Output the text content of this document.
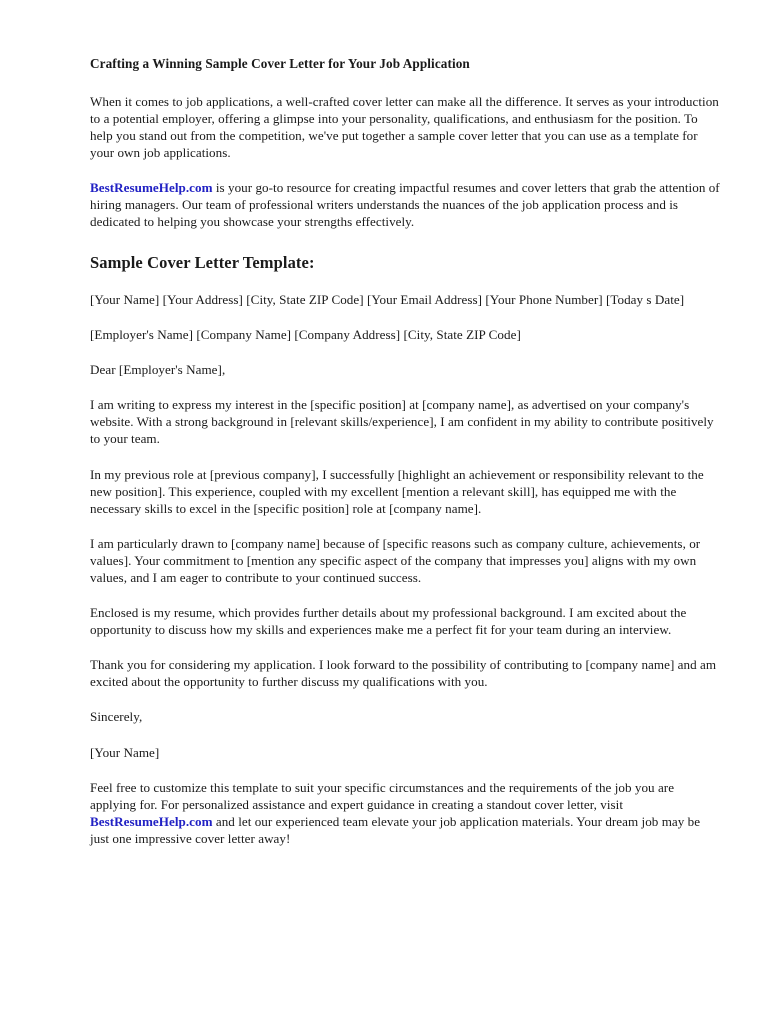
Crafting a Winning Sample Cover Letter for Your Job Application

When it comes to job applications, a well-crafted cover letter can make all the difference. It serves as your introduction to a potential employer, offering a glimpse into your personality, qualifications, and enthusiasm for the position. To help you stand out from the competition, we've put together a sample cover letter that you can use as a template for your own job applications.

BestResumeHelp.com is your go-to resource for creating impactful resumes and cover letters that grab the attention of hiring managers. Our team of professional writers understands the nuances of the job application process and is dedicated to helping you showcase your strengths effectively.

Sample Cover Letter Template:

[Your Name] [Your Address] [City, State ZIP Code] [Your Email Address] [Your Phone Number] [Today s Date]

[Employer's Name] [Company Name] [Company Address] [City, State ZIP Code]

Dear [Employer's Name],

I am writing to express my interest in the [specific position] at [company name], as advertised on your company's website. With a strong background in [relevant skills/experience], I am confident in my ability to contribute positively to your team.

In my previous role at [previous company], I successfully [highlight an achievement or responsibility relevant to the new position]. This experience, coupled with my excellent [mention a relevant skill], has equipped me with the necessary skills to excel in the [specific position] role at [company name].

I am particularly drawn to [company name] because of [specific reasons such as company culture, achievements, or values]. Your commitment to [mention any specific aspect of the company that impresses you] aligns with my own values, and I am eager to contribute to your continued success.

Enclosed is my resume, which provides further details about my professional background. I am excited about the opportunity to discuss how my skills and experiences make me a perfect fit for your team during an interview.

Thank you for considering my application. I look forward to the possibility of contributing to [company name] and am excited about the opportunity to further discuss my qualifications with you.

Sincerely,

[Your Name]

Feel free to customize this template to suit your specific circumstances and the requirements of the job you are applying for. For personalized assistance and expert guidance in creating a standout cover letter, visit BestResumeHelp.com and let our experienced team elevate your job application materials. Your dream job may be just one impressive cover letter away!
